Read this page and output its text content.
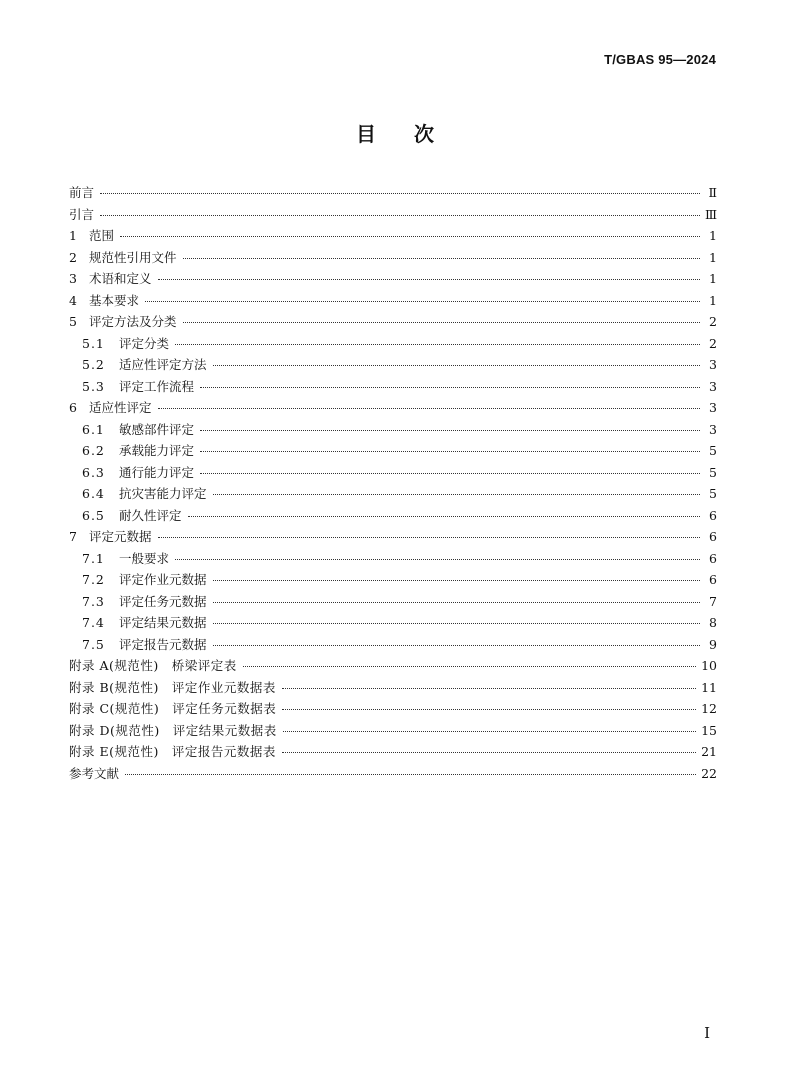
T/GBAS 95—2024
目 次
前言	Ⅱ
引言	Ⅲ
1 范围	1
2 规范性引用文件	1
3 术语和定义	1
4 基本要求	1
5 评定方法及分类	2
5.1	评定分类	2
5.2	适应性评定方法	3
5.3	评定工作流程	3
6 适应性评定	3
6.1	敏感部件评定	3
6.2	承载能力评定	5
6.3	通行能力评定	5
6.4	抗灾害能力评定	5
6.5	耐久性评定	6
7 评定元数据	6
7.1	一般要求	6
7.2	评定作业元数据	6
7.3	评定任务元数据	7
7.4	评定结果元数据	8
7.5	评定报告元数据	9
附录 A(规范性)　桥梁评定表	10
附录 B(规范性)　评定作业元数据表	11
附录 C(规范性)　评定任务元数据表	12
附录 D(规范性)　评定结果元数据表	15
附录 E(规范性)　评定报告元数据表	21
参考文献	22
I
